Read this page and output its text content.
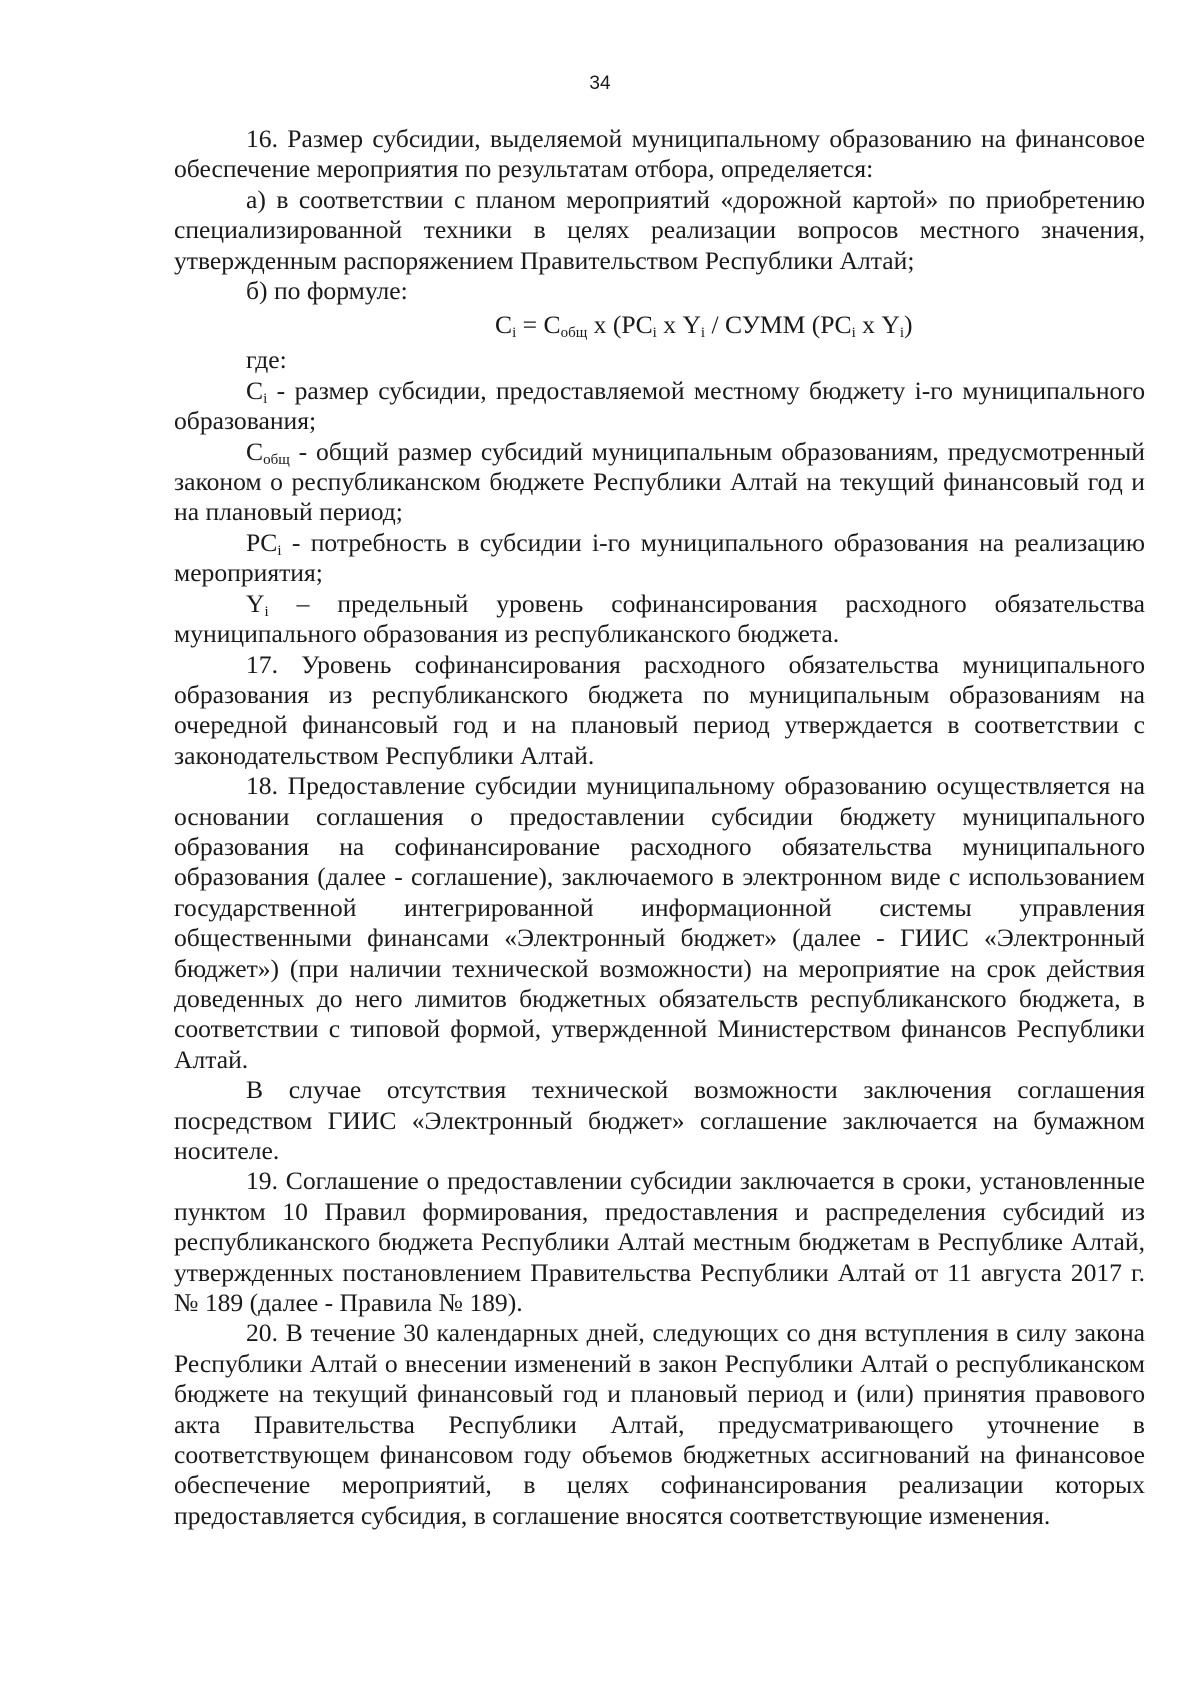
34

16. Размер субсидии, выделяемой муниципальному образованию на финансовое обеспечение мероприятия по результатам отбора, определяется:

а) в соответствии с планом мероприятий «дорожной картой» по приобретению специализированной техники в целях реализации вопросов местного значения, утвержденным распоряжением Правительством Республики Алтай;

б) по формуле:

$C_i = C_{общ}$ х ($PC_i$ х $Y_i$ / СУММ ($PC_i$ х $Y_i$)

где:

$C_i$ - размер субсидии, предоставляемой местному бюджету i-го муниципального образования;

$C_{общ}$ - общий размер субсидий муниципальным образованиям, предусмотренный законом о республиканском бюджете Республики Алтай на текущий финансовый год и на плановый период;

$PC_i$ - потребность в субсидии i-го муниципального образования на реализацию мероприятия;

$Y_i$ – предельный уровень софинансирования расходного обязательства муниципального образования из республиканского бюджета.

17. Уровень софинансирования расходного обязательства муниципального образования из республиканского бюджета по муниципальным образованиям на очередной финансовый год и на плановый период утверждается в соответствии с законодательством Республики Алтай.

18. Предоставление субсидии муниципальному образованию осуществляется на основании соглашения о предоставлении субсидии бюджету муниципального образования на софинансирование расходного обязательства муниципального образования (далее - соглашение), заключаемого в электронном виде с использованием государственной интегрированной информационной системы управления общественными финансами «Электронный бюджет» (далее - ГИИС «Электронный бюджет») (при наличии технической возможности) на мероприятие на срок действия доведенных до него лимитов бюджетных обязательств республиканского бюджета, в соответствии с типовой формой, утвержденной Министерством финансов Республики Алтай.

В случае отсутствия технической возможности заключения соглашения посредством ГИИС «Электронный бюджет» соглашение заключается на бумажном носителе.

19. Соглашение о предоставлении субсидии заключается в сроки, установленные пунктом 10 Правил формирования, предоставления и распределения субсидий из республиканского бюджета Республики Алтай местным бюджетам в Республике Алтай, утвержденных постановлением Правительства Республики Алтай от 11 августа 2017 г. № 189 (далее - Правила № 189).

20. В течение 30 календарных дней, следующих со дня вступления в силу закона Республики Алтай о внесении изменений в закон Республики Алтай о республиканском бюджете на текущий финансовый год и плановый период и (или) принятия правового акта Правительства Республики Алтай, предусматривающего уточнение в соответствующем финансовом году объемов бюджетных ассигнований на финансовое обеспечение мероприятий, в целях софинансирования реализации которых предоставляется субсидия, в соглашение вносятся соответствующие изменения.
